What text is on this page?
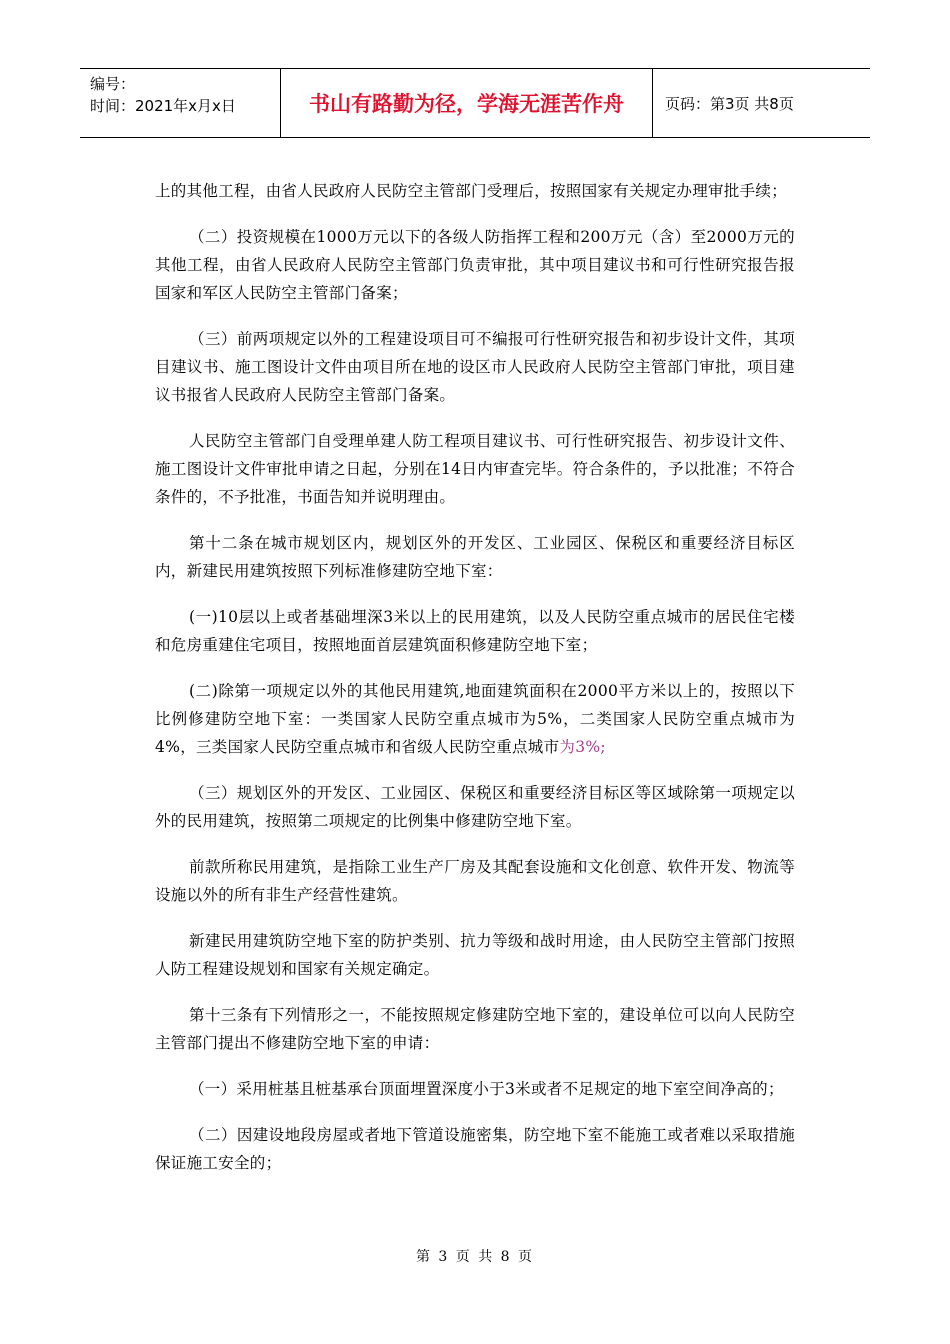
编号：
时间：2021年x月x日	书山有路勤为径，学海无涯苦作舟	页码：第3页 共8页

上的其他工程，由省人民政府人民防空主管部门受理后，按照国家有关规定办理审批手续；

（二）投资规模在1000万元以下的各级人防指挥工程和200万元（含）至2000万元的其他工程，由省人民政府人民防空主管部门负责审批，其中项目建议书和可行性研究报告报国家和军区人民防空主管部门备案；

（三）前两项规定以外的工程建设项目可不编报可行性研究报告和初步设计文件，其项目建议书、施工图设计文件由项目所在地的设区市人民政府人民防空主管部门审批，项目建议书报省人民政府人民防空主管部门备案。

人民防空主管部门自受理单建人防工程项目建议书、可行性研究报告、初步设计文件、施工图设计文件审批申请之日起，分别在14日内审查完毕。符合条件的，予以批准；不符合条件的，不予批准，书面告知并说明理由。

第十二条在城市规划区内，规划区外的开发区、工业园区、保税区和重要经济目标区内，新建民用建筑按照下列标准修建防空地下室：

(一)10层以上或者基础埋深3米以上的民用建筑，以及人民防空重点城市的居民住宅楼和危房重建住宅项目，按照地面首层建筑面积修建防空地下室；

(二)除第一项规定以外的其他民用建筑,地面建筑面积在2000平方米以上的，按照以下比例修建防空地下室：一类国家人民防空重点城市为5%，二类国家人民防空重点城市为4%，三类国家人民防空重点城市和省级人民防空重点城市为3%;

（三）规划区外的开发区、工业园区、保税区和重要经济目标区等区域除第一项规定以外的民用建筑，按照第二项规定的比例集中修建防空地下室。

前款所称民用建筑，是指除工业生产厂房及其配套设施和文化创意、软件开发、物流等设施以外的所有非生产经营性建筑。

新建民用建筑防空地下室的防护类别、抗力等级和战时用途，由人民防空主管部门按照人防工程建设规划和国家有关规定确定。

第十三条有下列情形之一，不能按照规定修建防空地下室的，建设单位可以向人民防空主管部门提出不修建防空地下室的申请：

（一）采用桩基且桩基承台顶面埋置深度小于3米或者不足规定的地下室空间净高的；

（二）因建设地段房屋或者地下管道设施密集，防空地下室不能施工或者难以采取措施保证施工安全的；

第 3 页 共 8 页
